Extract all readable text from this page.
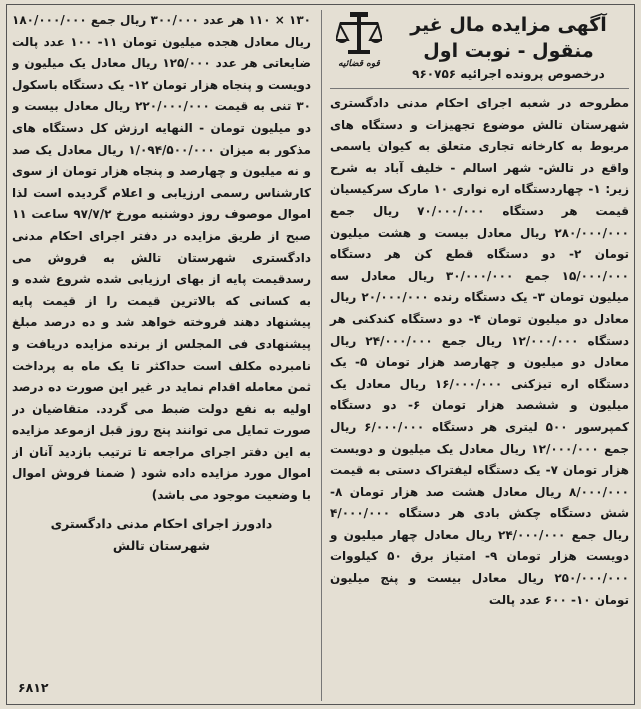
آگهی مزایده مال غیر
منقول - نوبت اول
درخصوص پرونده اجرائیه ۹۶۰۷۵۶
قوه قضائیه
مطروحه در شعبه اجرای احکام مدنی دادگستری شهرستان تالش موضوع تجهیزات و دستگاه های مربوط به کارخانه تجاری متعلق به کیوان یاسمی واقع در تالش- شهر اسالم - خلیف آباد به شرح زیر: ۱- چهاردستگاه اره نواری ۱۰ مارک سرکیسیان قیمت هر دستگاه ۷۰/۰۰۰/۰۰۰ ریال جمع ۲۸۰/۰۰۰/۰۰۰ ریال معادل بیست و هشت میلیون تومان ۲- دو دستگاه قطع کن هر دستگاه ۱۵/۰۰۰/۰۰۰ جمع ۳۰/۰۰۰/۰۰۰ ریال معادل سه میلیون تومان ۳- یک دستگاه رنده ۲۰/۰۰۰/۰۰۰ ریال معادل دو میلیون تومان ۴- دو دستگاه کندکنی هر دستگاه ۱۲/۰۰۰/۰۰۰ ریال جمع ۲۴/۰۰۰/۰۰۰ ریال معادل دو میلیون و چهارصد هزار تومان ۵- یک دستگاه اره تیزکنی ۱۶/۰۰۰/۰۰۰ ریال معادل یک میلیون و ششصد هزار تومان ۶- دو دستگاه کمپرسور ۵۰۰ لیتری هر دستگاه ۶/۰۰۰/۰۰۰ ریال جمع ۱۲/۰۰۰/۰۰۰ ریال معادل یک میلیون و دویست هزار تومان ۷- یک دستگاه لیفتراک دستی به قیمت ۸/۰۰۰/۰۰۰ ریال معادل هشت صد هزار تومان ۸- شش دستگاه چکش بادی هر دستگاه ۴/۰۰۰/۰۰۰ ریال جمع ۲۴/۰۰۰/۰۰۰ ریال معادل چهار میلیون و دویست هزار تومان ۹- امتیاز برق ۵۰ کیلووات ۲۵۰/۰۰۰/۰۰۰ ریال معادل بیست و پنج میلیون تومان ۱۰- ۶۰۰ عدد پالت
۱۳۰ × ۱۱۰ هر عدد ۳۰۰/۰۰۰ ریال جمع ۱۸۰/۰۰۰/۰۰۰ ریال معادل هجده میلیون تومان ۱۱- ۱۰۰ عدد پالت ضایعاتی هر عدد ۱۲۵/۰۰۰ ریال معادل یک میلیون و دویست و پنجاه هزار تومان ۱۲- یک دستگاه باسکول ۳۰ تنی به قیمت ۲۲۰/۰۰۰/۰۰۰ ریال معادل بیست و دو میلیون تومان - النهایه ارزش کل دستگاه های مذکور به میزان ۱/۰۹۴/۵۰۰/۰۰۰ ریال معادل یک صد و نه میلیون و چهارصد و پنجاه هزار تومان از سوی کارشناس رسمی ارزیابی و اعلام گردیده است لذا اموال موصوف روز دوشنبه مورخ ۹۷/۷/۲ ساعت ۱۱ صبح از طریق مزایده در دفتر اجرای احکام مدنی دادگستری شهرستان تالش به فروش می رسدقیمت پایه از بهای ارزیابی شده شروع شده و به کسانی که بالاترین قیمت را از قیمت پایه پیشنهاد دهند فروخته خواهد شد و ده درصد مبلغ پیشنهادی فی المجلس از برنده مزایده دریافت و نامبرده مکلف است حداکثر تا یک ماه به پرداخت ثمن معامله اقدام نماید در غیر این صورت ده درصد اولیه به نفع دولت ضبط می گردد. متقاضیان در صورت تمایل می توانند پنج روز قبل ازموعد مزایده به این دفتر اجرای مراجعه تا ترتیب بازدید آنان از اموال مورد مزایده داده شود ( ضمنا فروش اموال با وضعیت موجود می باشد)
دادورز اجرای احکام مدنی دادگستری
شهرستان تالش
۶۸۱۲
